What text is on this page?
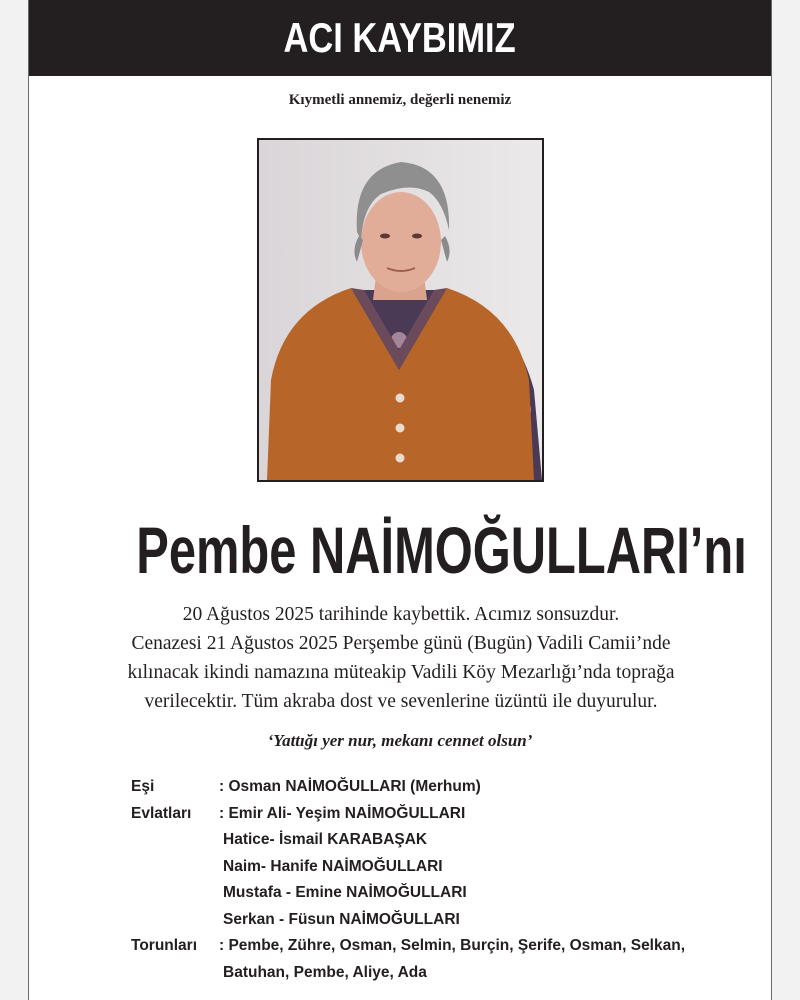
ACI KAYBIMIZ
Kıymetli annemiz, değerli nenemiz
Pembe NAİMOĞULLARI’nı
20 Ağustos 2025 tarihinde kaybettik. Acımız sonsuzdur.
Cenazesi 21 Ağustos 2025 Perşembe günü (Bugün) Vadili Camii’nde
kılınacak ikindi namazına müteakip Vadili Köy Mezarlığı’nda toprağa
verilecektir. Tüm akraba dost ve sevenlerine üzüntü ile duyurulur.
‘Yattığı yer nur, mekanı cennet olsun’
Eşi	: Osman NAİMOĞULLARI (Merhum)
Evlatları	: Emir Ali- Yeşim NAİMOĞULLARI
Hatice- İsmail KARABAŞAK
Naim- Hanife NAİMOĞULLARI
Mustafa - Emine NAİMOĞULLARI
Serkan - Füsun NAİMOĞULLARI
Torunları	: Pembe, Zühre, Osman, Selmin, Burçin, Şerife, Osman, Selkan,
Batuhan, Pembe, Aliye, Ada
